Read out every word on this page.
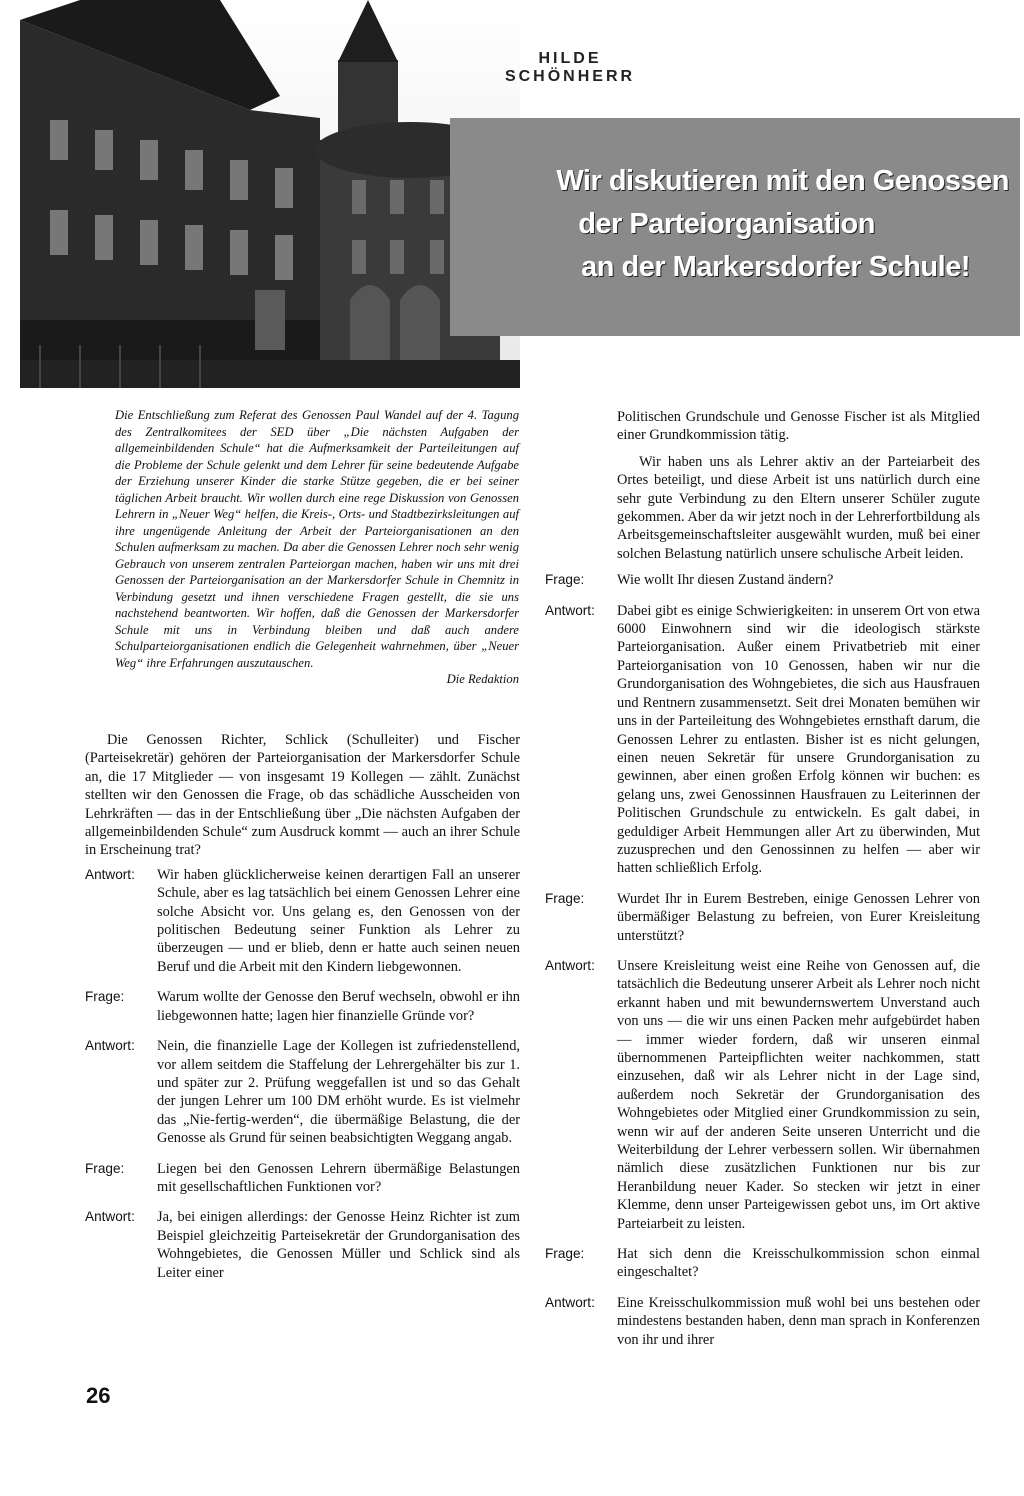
HILDE SCHÖNHERR
Wir diskutieren mit den Genossen
der Parteiorganisation
an der Markersdorfer Schule!
Die Entschließung zum Referat des Genossen Paul Wandel auf der 4. Tagung des Zentralkomitees der SED über „Die nächsten Aufgaben der allgemeinbildenden Schule“ hat die Aufmerksamkeit der Parteileitungen auf die Probleme der Schule gelenkt und dem Lehrer für seine bedeutende Aufgabe der Erziehung unserer Kinder die starke Stütze gegeben, die er bei seiner täglichen Arbeit braucht. Wir wollen durch eine rege Diskussion von Genossen Lehrern in „Neuer Weg“ helfen, die Kreis-, Orts- und Stadtbezirksleitungen auf ihre ungenügende Anleitung der Arbeit der Parteiorganisationen an den Schulen aufmerksam zu machen. Da aber die Genossen Lehrer noch sehr wenig Gebrauch von unserem zentralen Parteiorgan machen, haben wir uns mit drei Genossen der Parteiorganisation an der Markersdorfer Schule in Chemnitz in Verbindung gesetzt und ihnen verschiedene Fragen gestellt, die sie uns nachstehend beantworten. Wir hoffen, daß die Genossen der Markersdorfer Schule mit uns in Verbindung bleiben und daß auch andere Schulparteiorganisationen endlich die Gelegenheit wahrnehmen, über „Neuer Weg“ ihre Erfahrungen auszutauschen.
Die Redaktion

Die Genossen Richter, Schlick (Schulleiter) und Fischer (Parteisekretär) gehören der Parteiorganisation der Markersdorfer Schule an, die 17 Mitglieder — von insgesamt 19 Kollegen — zählt. Zunächst stellten wir den Genossen die Frage, ob das schädliche Ausscheiden von Lehrkräften — das in der Entschließung über „Die nächsten Aufgaben der allgemeinbildenden Schule“ zum Ausdruck kommt — auch an ihrer Schule in Erscheinung trat?

Antwort:	Wir haben glücklicherweise keinen derartigen Fall an unserer Schule, aber es lag tatsächlich bei einem Genossen Lehrer eine solche Absicht vor. Uns gelang es, den Genossen von der politischen Bedeutung seiner Funktion als Lehrer zu überzeugen — und er blieb, denn er hatte auch seinen neuen Beruf und die Arbeit mit den Kindern liebgewonnen.
Frage:	Warum wollte der Genosse den Beruf wechseln, obwohl er ihn liebgewonnen hatte; lagen hier finanzielle Gründe vor?
Antwort:	Nein, die finanzielle Lage der Kollegen ist zufriedenstellend, vor allem seitdem die Staffelung der Lehrergehälter bis zur 1. und später zur 2. Prüfung weggefallen ist und so das Gehalt der jungen Lehrer um 100 DM erhöht wurde. Es ist vielmehr das „Nie-fertig-werden“, die übermäßige Belastung, die der Genosse als Grund für seinen beabsichtigten Weggang angab.
Frage:	Liegen bei den Genossen Lehrern übermäßige Belastungen mit gesellschaftlichen Funktionen vor?
Antwort:	Ja, bei einigen allerdings: der Genosse Heinz Richter ist zum Beispiel gleichzeitig Parteisekretär der Grundorganisation des Wohngebietes, die Genossen Müller und Schlick sind als Leiter einer
Politischen Grundschule und Genosse Fischer ist als Mitglied einer Grundkommission tätig.
Wir haben uns als Lehrer aktiv an der Parteiarbeit des Ortes beteiligt, und diese Arbeit ist uns natürlich durch eine sehr gute Verbindung zu den Eltern unserer Schüler zugute gekommen. Aber da wir jetzt noch in der Lehrerfortbildung als Arbeitsgemeinschaftsleiter ausgewählt wurden, muß bei einer solchen Belastung natürlich unsere schulische Arbeit leiden.
Frage:	Wie wollt Ihr diesen Zustand ändern?
Antwort:	Dabei gibt es einige Schwierigkeiten: in unserem Ort von etwa 6000 Einwohnern sind wir die ideologisch stärkste Parteiorganisation. Außer einem Privatbetrieb mit einer Parteiorganisation von 10 Genossen, haben wir nur die Grundorganisation des Wohngebietes, die sich aus Hausfrauen und Rentnern zusammensetzt. Seit drei Monaten bemühen wir uns in der Parteileitung des Wohngebietes ernsthaft darum, die Genossen Lehrer zu entlasten. Bisher ist es nicht gelungen, einen neuen Sekretär für unsere Grundorganisation zu gewinnen, aber einen großen Erfolg können wir buchen: es gelang uns, zwei Genossinnen Hausfrauen zu Leiterinnen der Politischen Grundschule zu entwickeln. Es galt dabei, in geduldiger Arbeit Hemmungen aller Art zu überwinden, Mut zuzusprechen und den Genossinnen zu helfen — aber wir hatten schließlich Erfolg.
Frage:	Wurdet Ihr in Eurem Bestreben, einige Genossen Lehrer von übermäßiger Belastung zu befreien, von Eurer Kreisleitung unterstützt?
Antwort:	Unsere Kreisleitung weist eine Reihe von Genossen auf, die tatsächlich die Bedeutung unserer Arbeit als Lehrer noch nicht erkannt haben und mit bewundernswertem Unverstand auch von uns — die wir uns einen Packen mehr aufgebürdet haben — immer wieder fordern, daß wir unseren einmal übernommenen Parteipflichten weiter nachkommen, statt einzusehen, daß wir als Lehrer nicht in der Lage sind, außerdem noch Sekretär der Grundorganisation des Wohngebietes oder Mitglied einer Grundkommission zu sein, wenn wir auf der anderen Seite unseren Unterricht und die Weiterbildung der Lehrer verbessern sollen. Wir übernahmen nämlich diese zusätzlichen Funktionen nur bis zur Heranbildung neuer Kader. So stecken wir jetzt in einer Klemme, denn unser Parteigewissen gebot uns, im Ort aktive Parteiarbeit zu leisten.
Frage:	Hat sich denn die Kreisschulkommission schon einmal eingeschaltet?
Antwort:	Eine Kreisschulkommission muß wohl bei uns bestehen oder mindestens bestanden haben, denn man sprach in Konferenzen von ihr und ihrer
26
